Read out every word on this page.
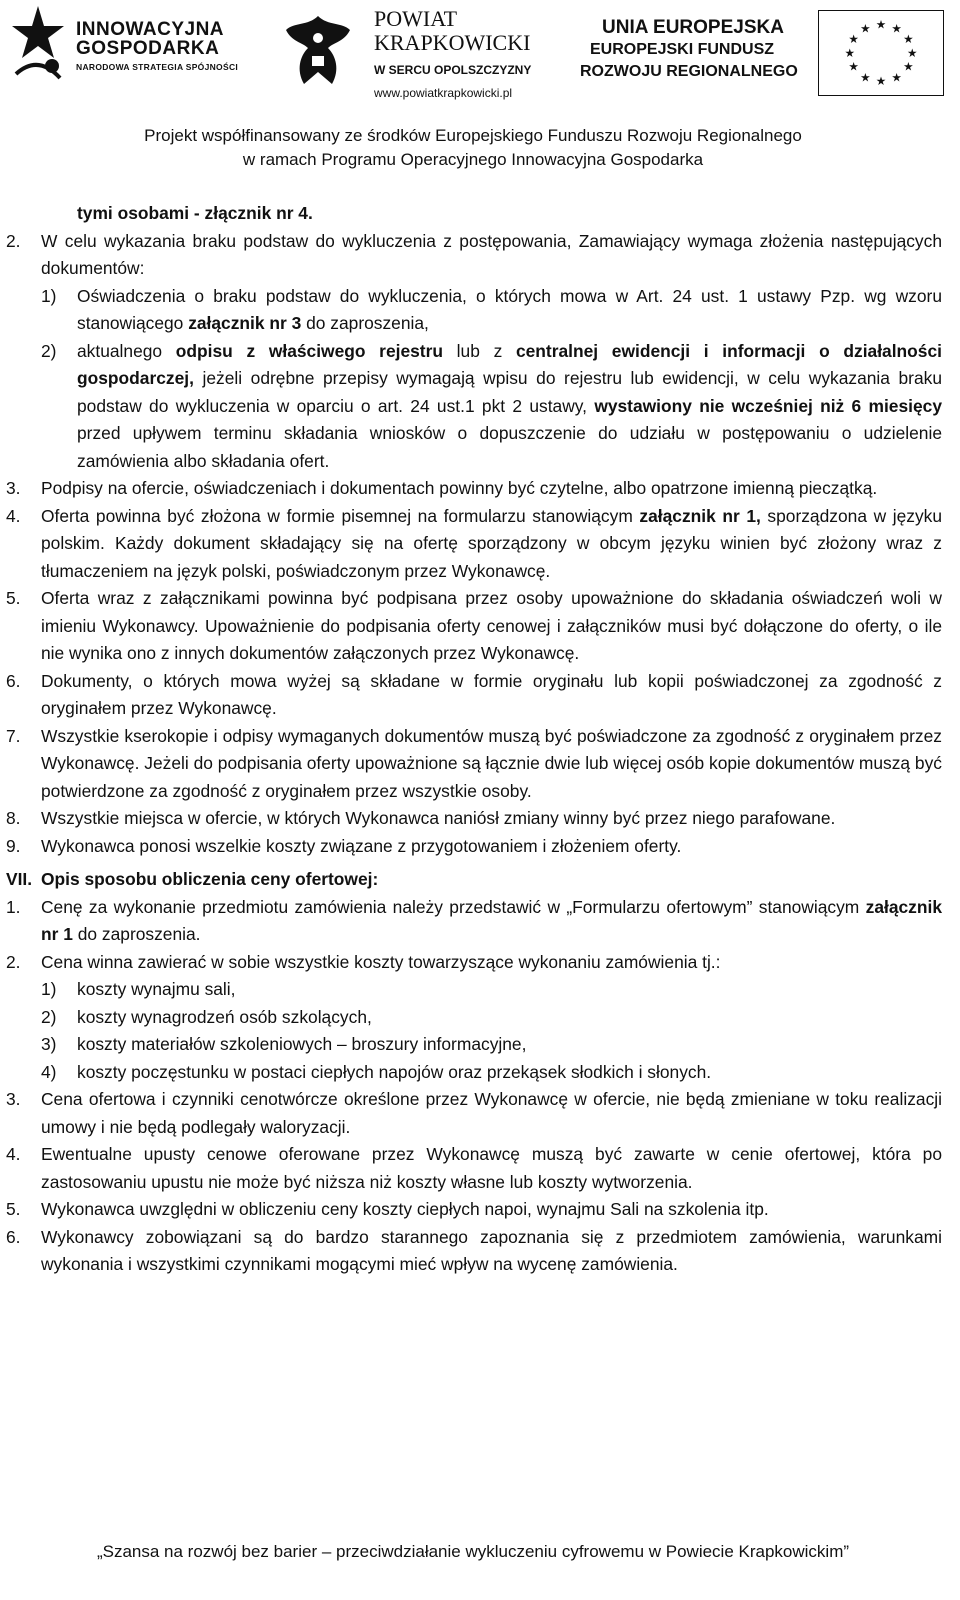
INNOWACYJNA
GOSPODARKA
NARODOWA STRATEGIA SPÓJNOŚCI
POWIAT
KRAPKOWICKI
W SERCU OPOLSZCZYZNY
www.powiatkrapkowicki.pl
UNIA EUROPEJSKA
EUROPEJSKI FUNDUSZ
ROZWOJU REGIONALNEGO
★ ★
★
★
★
★
★
★
★
★
★
★
Projekt współfinansowany ze środków Europejskiego Funduszu Rozwoju Regionalnego
w ramach Programu Operacyjnego Innowacyjna Gospodarka

tymi osobami - złącznik nr 4.

2. W celu wykazania braku podstaw do wykluczenia z postępowania, Zamawiający wymaga złożenia następujących dokumentów:

1) Oświadczenia o braku podstaw do wykluczenia, o których mowa w Art. 24 ust. 1 ustawy Pzp. wg wzoru stanowiącego załącznik nr 3 do zaproszenia,

2) aktualnego odpisu z właściwego rejestru lub z centralnej ewidencji i informacji o działalności gospodarczej, jeżeli odrębne przepisy wymagają wpisu do rejestru lub ewidencji, w celu wykazania braku podstaw do wykluczenia w oparciu o art. 24 ust.1 pkt 2 ustawy, wystawiony nie wcześniej niż 6 miesięcy przed upływem terminu składania wniosków o dopuszczenie do udziału w postępowaniu o udzielenie zamówienia albo składania ofert.

3. Podpisy na ofercie, oświadczeniach i dokumentach powinny być czytelne, albo opatrzone imienną pieczątką.

4. Oferta powinna być złożona w formie pisemnej na formularzu stanowiącym załącznik nr 1, sporządzona w języku polskim. Każdy dokument składający się na ofertę sporządzony w obcym języku winien być złożony wraz z tłumaczeniem na język polski, poświadczonym przez Wykonawcę.

5. Oferta wraz z załącznikami powinna być podpisana przez osoby upoważnione do składania oświadczeń woli w imieniu Wykonawcy. Upoważnienie do podpisania oferty cenowej i załączników musi być dołączone do oferty, o ile nie wynika ono z innych dokumentów załączonych przez Wykonawcę.

6. Dokumenty, o których mowa wyżej są składane w formie oryginału lub kopii poświadczonej za zgodność z oryginałem przez Wykonawcę.

7. Wszystkie kserokopie i odpisy wymaganych dokumentów muszą być poświadczone za zgodność z oryginałem przez Wykonawcę. Jeżeli do podpisania oferty upoważnione są łącznie dwie lub więcej osób kopie dokumentów muszą być potwierdzone za zgodność z oryginałem przez wszystkie osoby.

8. Wszystkie miejsca w ofercie, w których Wykonawca naniósł zmiany winny być przez niego parafowane.

9. Wykonawca ponosi wszelkie koszty związane z przygotowaniem i złożeniem oferty.

VII. Opis sposobu obliczenia ceny ofertowej:

1. Cenę za wykonanie przedmiotu zamówienia należy przedstawić w „Formularzu ofertowym” stanowiącym załącznik nr 1 do zaproszenia.

2. Cena winna zawierać w sobie wszystkie koszty towarzyszące wykonaniu zamówienia tj.:

1) koszty wynajmu sali,

2) koszty wynagrodzeń osób szkolących,

3) koszty materiałów szkoleniowych – broszury informacyjne,

4) koszty poczęstunku w postaci ciepłych napojów oraz przekąsek słodkich i słonych.

3. Cena ofertowa i czynniki cenotwórcze określone przez Wykonawcę w ofercie, nie będą zmieniane w toku realizacji umowy i nie będą podlegały waloryzacji.

4. Ewentualne upusty cenowe oferowane przez Wykonawcę muszą być zawarte w cenie ofertowej, która po zastosowaniu upustu nie może być niższa niż koszty własne lub koszty wytworzenia.

5. Wykonawca uwzględni w obliczeniu ceny koszty ciepłych napoi, wynajmu Sali na szkolenia itp.

6. Wykonawcy zobowiązani są do bardzo starannego zapoznania się z przedmiotem zamówienia, warunkami wykonania i wszystkimi czynnikami mogącymi mieć wpływ na wycenę zamówienia.

„Szansa na rozwój bez barier – przeciwdziałanie wykluczeniu cyfrowemu w Powiecie Krapkowickim”
